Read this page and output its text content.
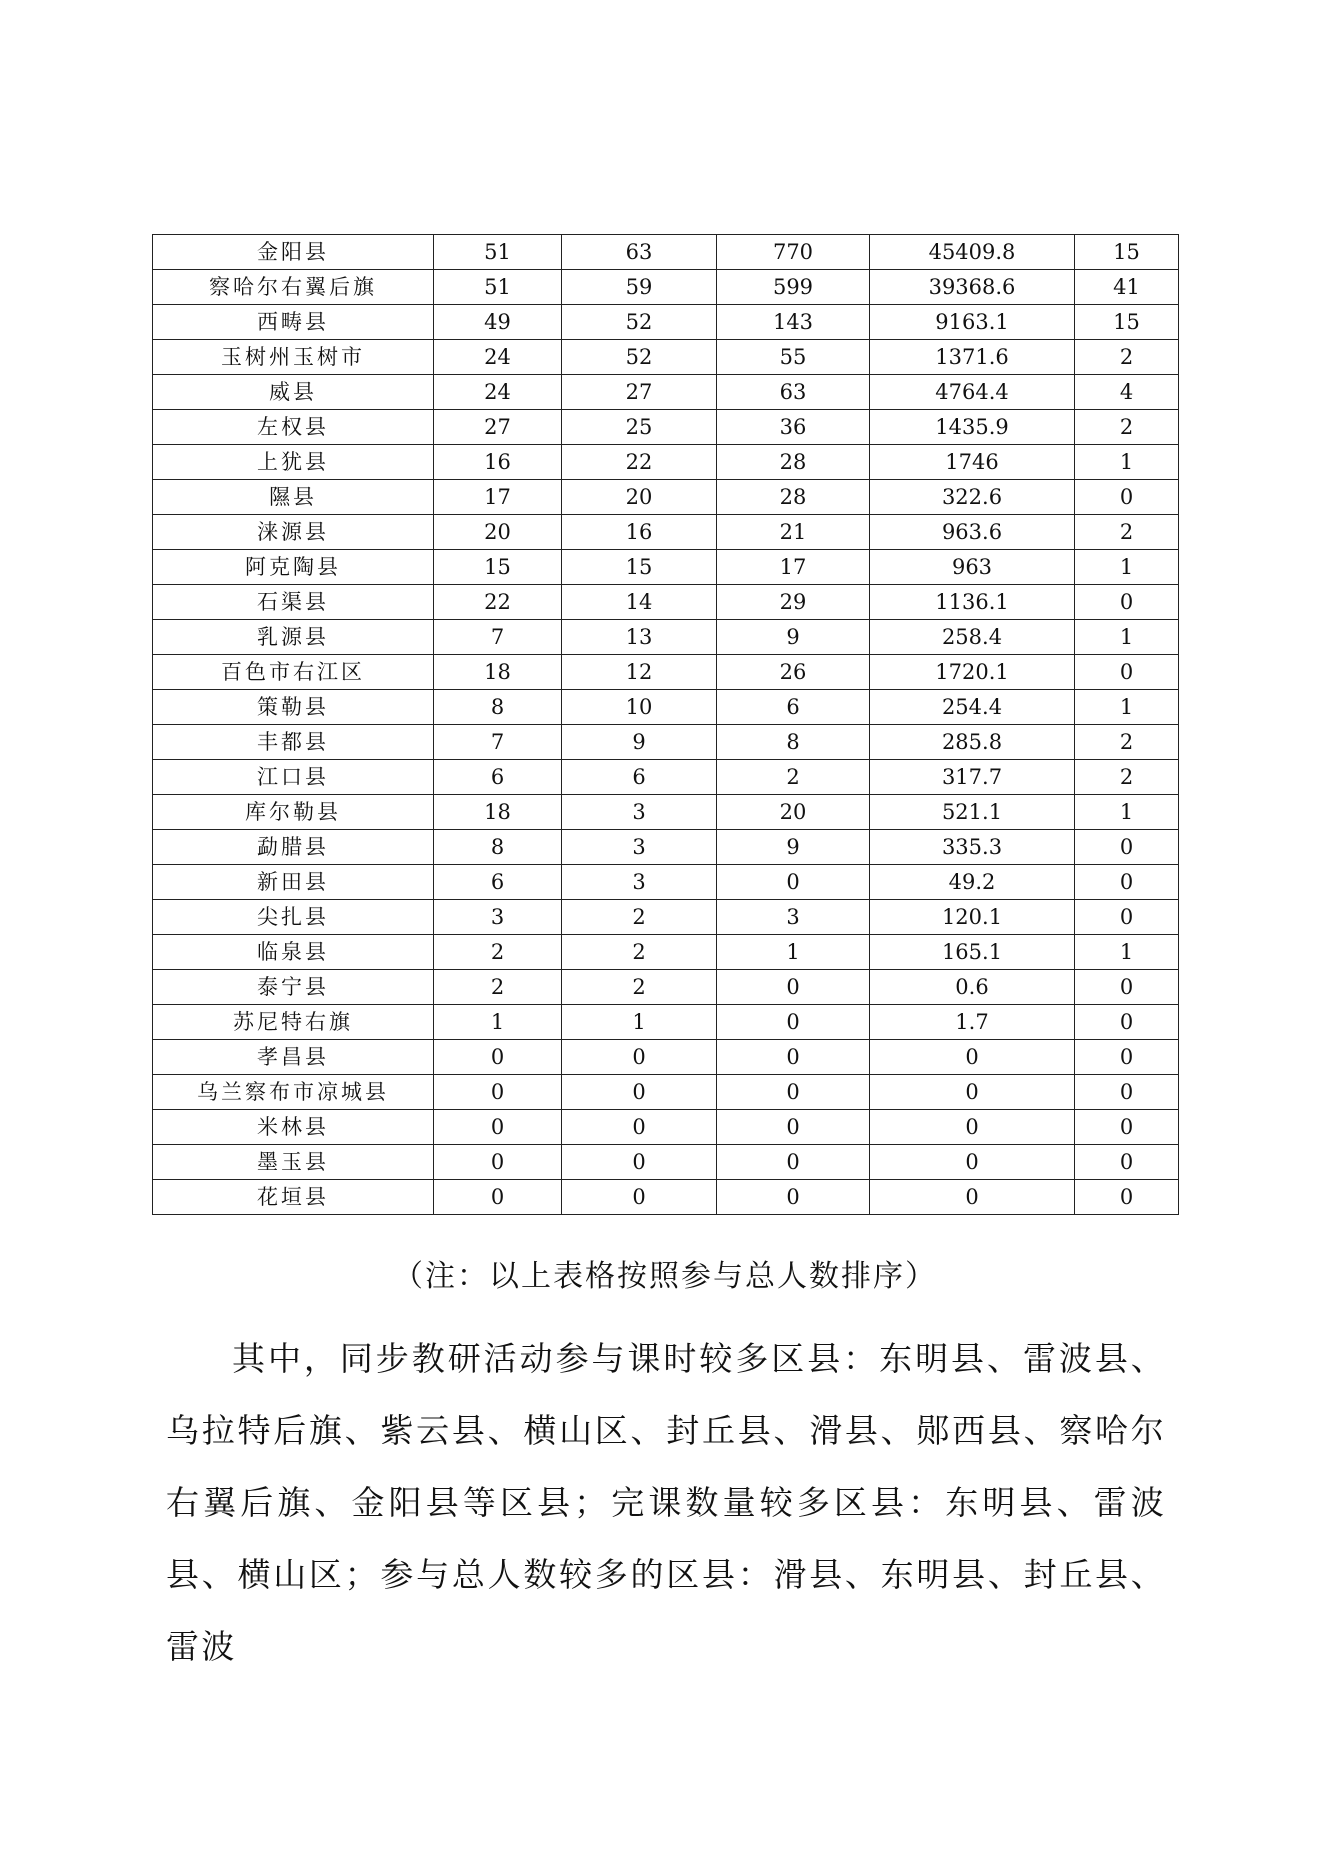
金阳县	51	63	770	45409.8	15
察哈尔右翼后旗	51	59	599	39368.6	41
西畴县	49	52	143	9163.1	15
玉树州玉树市	24	52	55	1371.6	2
威县	24	27	63	4764.4	4
左权县	27	25	36	1435.9	2
上犹县	16	22	28	1746	1
隰县	17	20	28	322.6	0
涞源县	20	16	21	963.6	2
阿克陶县	15	15	17	963	1
石渠县	22	14	29	1136.1	0
乳源县	7	13	9	258.4	1
百色市右江区	18	12	26	1720.1	0
策勒县	8	10	6	254.4	1
丰都县	7	9	8	285.8	2
江口县	6	6	2	317.7	2
库尔勒县	18	3	20	521.1	1
勐腊县	8	3	9	335.3	0
新田县	6	3	0	49.2	0
尖扎县	3	2	3	120.1	0
临泉县	2	2	1	165.1	1
泰宁县	2	2	0	0.6	0
苏尼特右旗	1	1	0	1.7	0
孝昌县	0	0	0	0	0
乌兰察布市凉城县	0	0	0	0	0
米林县	0	0	0	0	0
墨玉县	0	0	0	0	0
花垣县	0	0	0	0	0
（注：以上表格按照参与总人数排序）

其中，同步教研活动参与课时较多区县：东明县、雷波县、乌拉特后旗、紫云县、横山区、封丘县、滑县、郧西县、察哈尔右翼后旗、金阳县等区县；完课数量较多区县：东明县、雷波县、横山区；参与总人数较多的区县：滑县、东明县、封丘县、雷波
